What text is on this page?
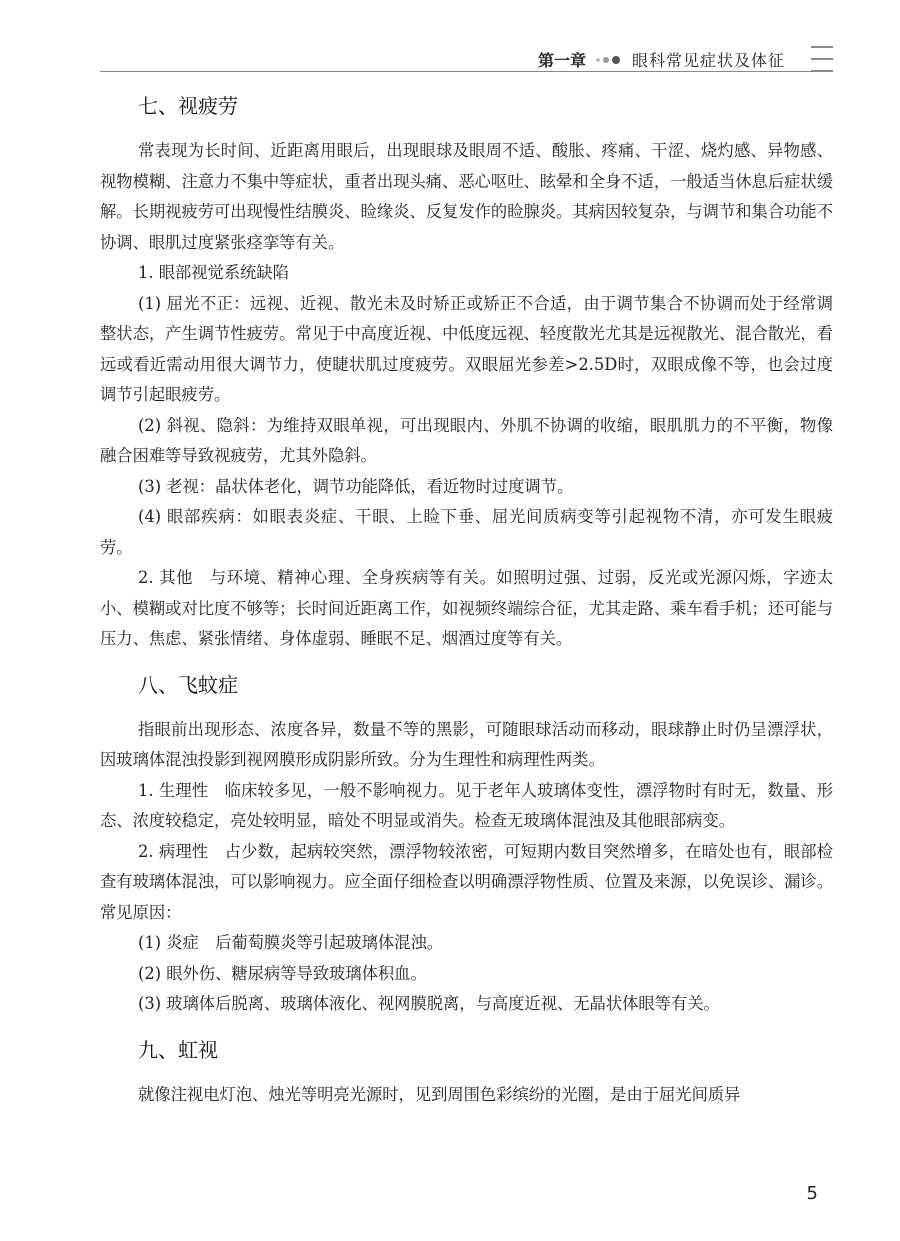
第一章	眼科常见症状及体征
七、视疲劳

常表现为长时间、近距离用眼后，出现眼球及眼周不适、酸胀、疼痛、干涩、烧灼感、异物感、视物模糊、注意力不集中等症状，重者出现头痛、恶心呕吐、眩晕和全身不适，一般适当休息后症状缓解。长期视疲劳可出现慢性结膜炎、睑缘炎、反复发作的睑腺炎。其病因较复杂，与调节和集合功能不协调、眼肌过度紧张痉挛等有关。

1. 眼部视觉系统缺陷

(1) 屈光不正：远视、近视、散光未及时矫正或矫正不合适，由于调节集合不协调而处于经常调整状态，产生调节性疲劳。常见于中高度近视、中低度远视、轻度散光尤其是远视散光、混合散光，看远或看近需动用很大调节力，使睫状肌过度疲劳。双眼屈光参差>2.5D时，双眼成像不等，也会过度调节引起眼疲劳。

(2) 斜视、隐斜：为维持双眼单视，可出现眼内、外肌不协调的收缩，眼肌肌力的不平衡，物像融合困难等导致视疲劳，尤其外隐斜。

(3) 老视：晶状体老化，调节功能降低，看近物时过度调节。

(4) 眼部疾病：如眼表炎症、干眼、上睑下垂、屈光间质病变等引起视物不清，亦可发生眼疲劳。

2. 其他　与环境、精神心理、全身疾病等有关。如照明过强、过弱，反光或光源闪烁，字迹太小、模糊或对比度不够等；长时间近距离工作，如视频终端综合征，尤其走路、乘车看手机；还可能与压力、焦虑、紧张情绪、身体虚弱、睡眠不足、烟酒过度等有关。

八、飞蚊症

指眼前出现形态、浓度各异，数量不等的黑影，可随眼球活动而移动，眼球静止时仍呈漂浮状，因玻璃体混浊投影到视网膜形成阴影所致。分为生理性和病理性两类。

1. 生理性　临床较多见，一般不影响视力。见于老年人玻璃体变性，漂浮物时有时无，数量、形态、浓度较稳定，亮处较明显，暗处不明显或消失。检查无玻璃体混浊及其他眼部病变。

2. 病理性　占少数，起病较突然，漂浮物较浓密，可短期内数目突然增多，在暗处也有，眼部检查有玻璃体混浊，可以影响视力。应全面仔细检查以明确漂浮物性质、位置及来源，以免误诊、漏诊。常见原因：

(1) 炎症　后葡萄膜炎等引起玻璃体混浊。

(2) 眼外伤、糖尿病等导致玻璃体积血。

(3) 玻璃体后脱离、玻璃体液化、视网膜脱离，与高度近视、无晶状体眼等有关。

九、虹视

就像注视电灯泡、烛光等明亮光源时，见到周围色彩缤纷的光圈，是由于屈光间质异

5
